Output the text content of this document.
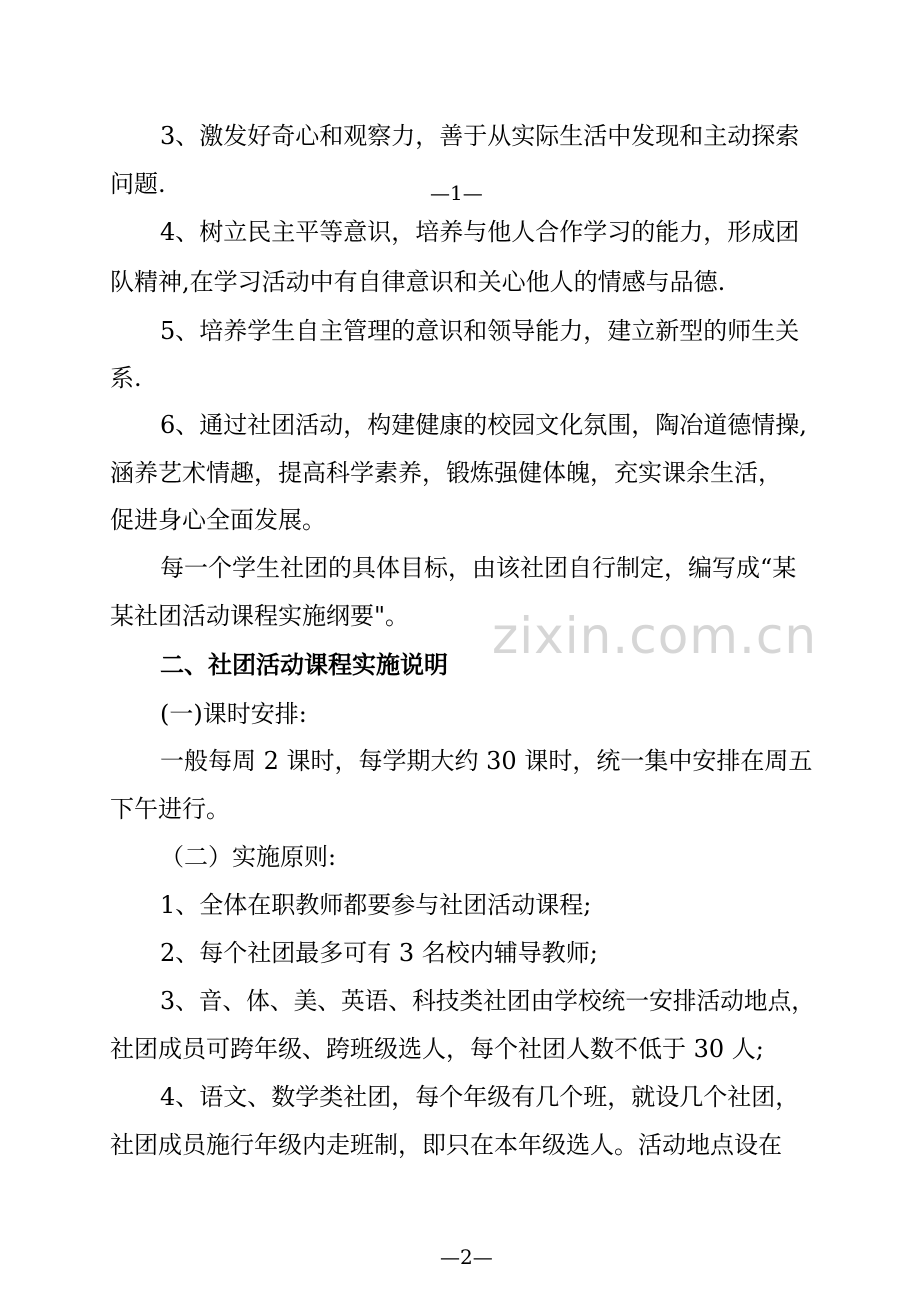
zixin.com.cn

3、激发好奇心和观察力，善于从实际生活中发现和主动探索

问题.	—1—

4、树立民主平等意识，培养与他人合作学习的能力，形成团

队精神,在学习活动中有自律意识和关心他人的情感与品德.

5、培养学生自主管理的意识和领导能力，建立新型的师生关

系.

6、通过社团活动，构建健康的校园文化氛围，陶冶道德情操,

涵养艺术情趣，提高科学素养，锻炼强健体魄，充实课余生活，

促进身心全面发展。

每一个学生社团的具体目标，由该社团自行制定，编写成“某

某社团活动课程实施纲要"。

二、社团活动课程实施说明

(一)课时安排:

一般每周 2 课时，每学期大约 30 课时，统一集中安排在周五

下午进行。

（二）实施原则:

1、全体在职教师都要参与社团活动课程;

2、每个社团最多可有 3 名校内辅导教师;

3、音、体、美、英语、科技类社团由学校统一安排活动地点，

社团成员可跨年级、跨班级选人，每个社团人数不低于 30 人;

4、语文、数学类社团，每个年级有几个班，就设几个社团，

社团成员施行年级内走班制，即只在本年级选人。活动地点设在

—2—
